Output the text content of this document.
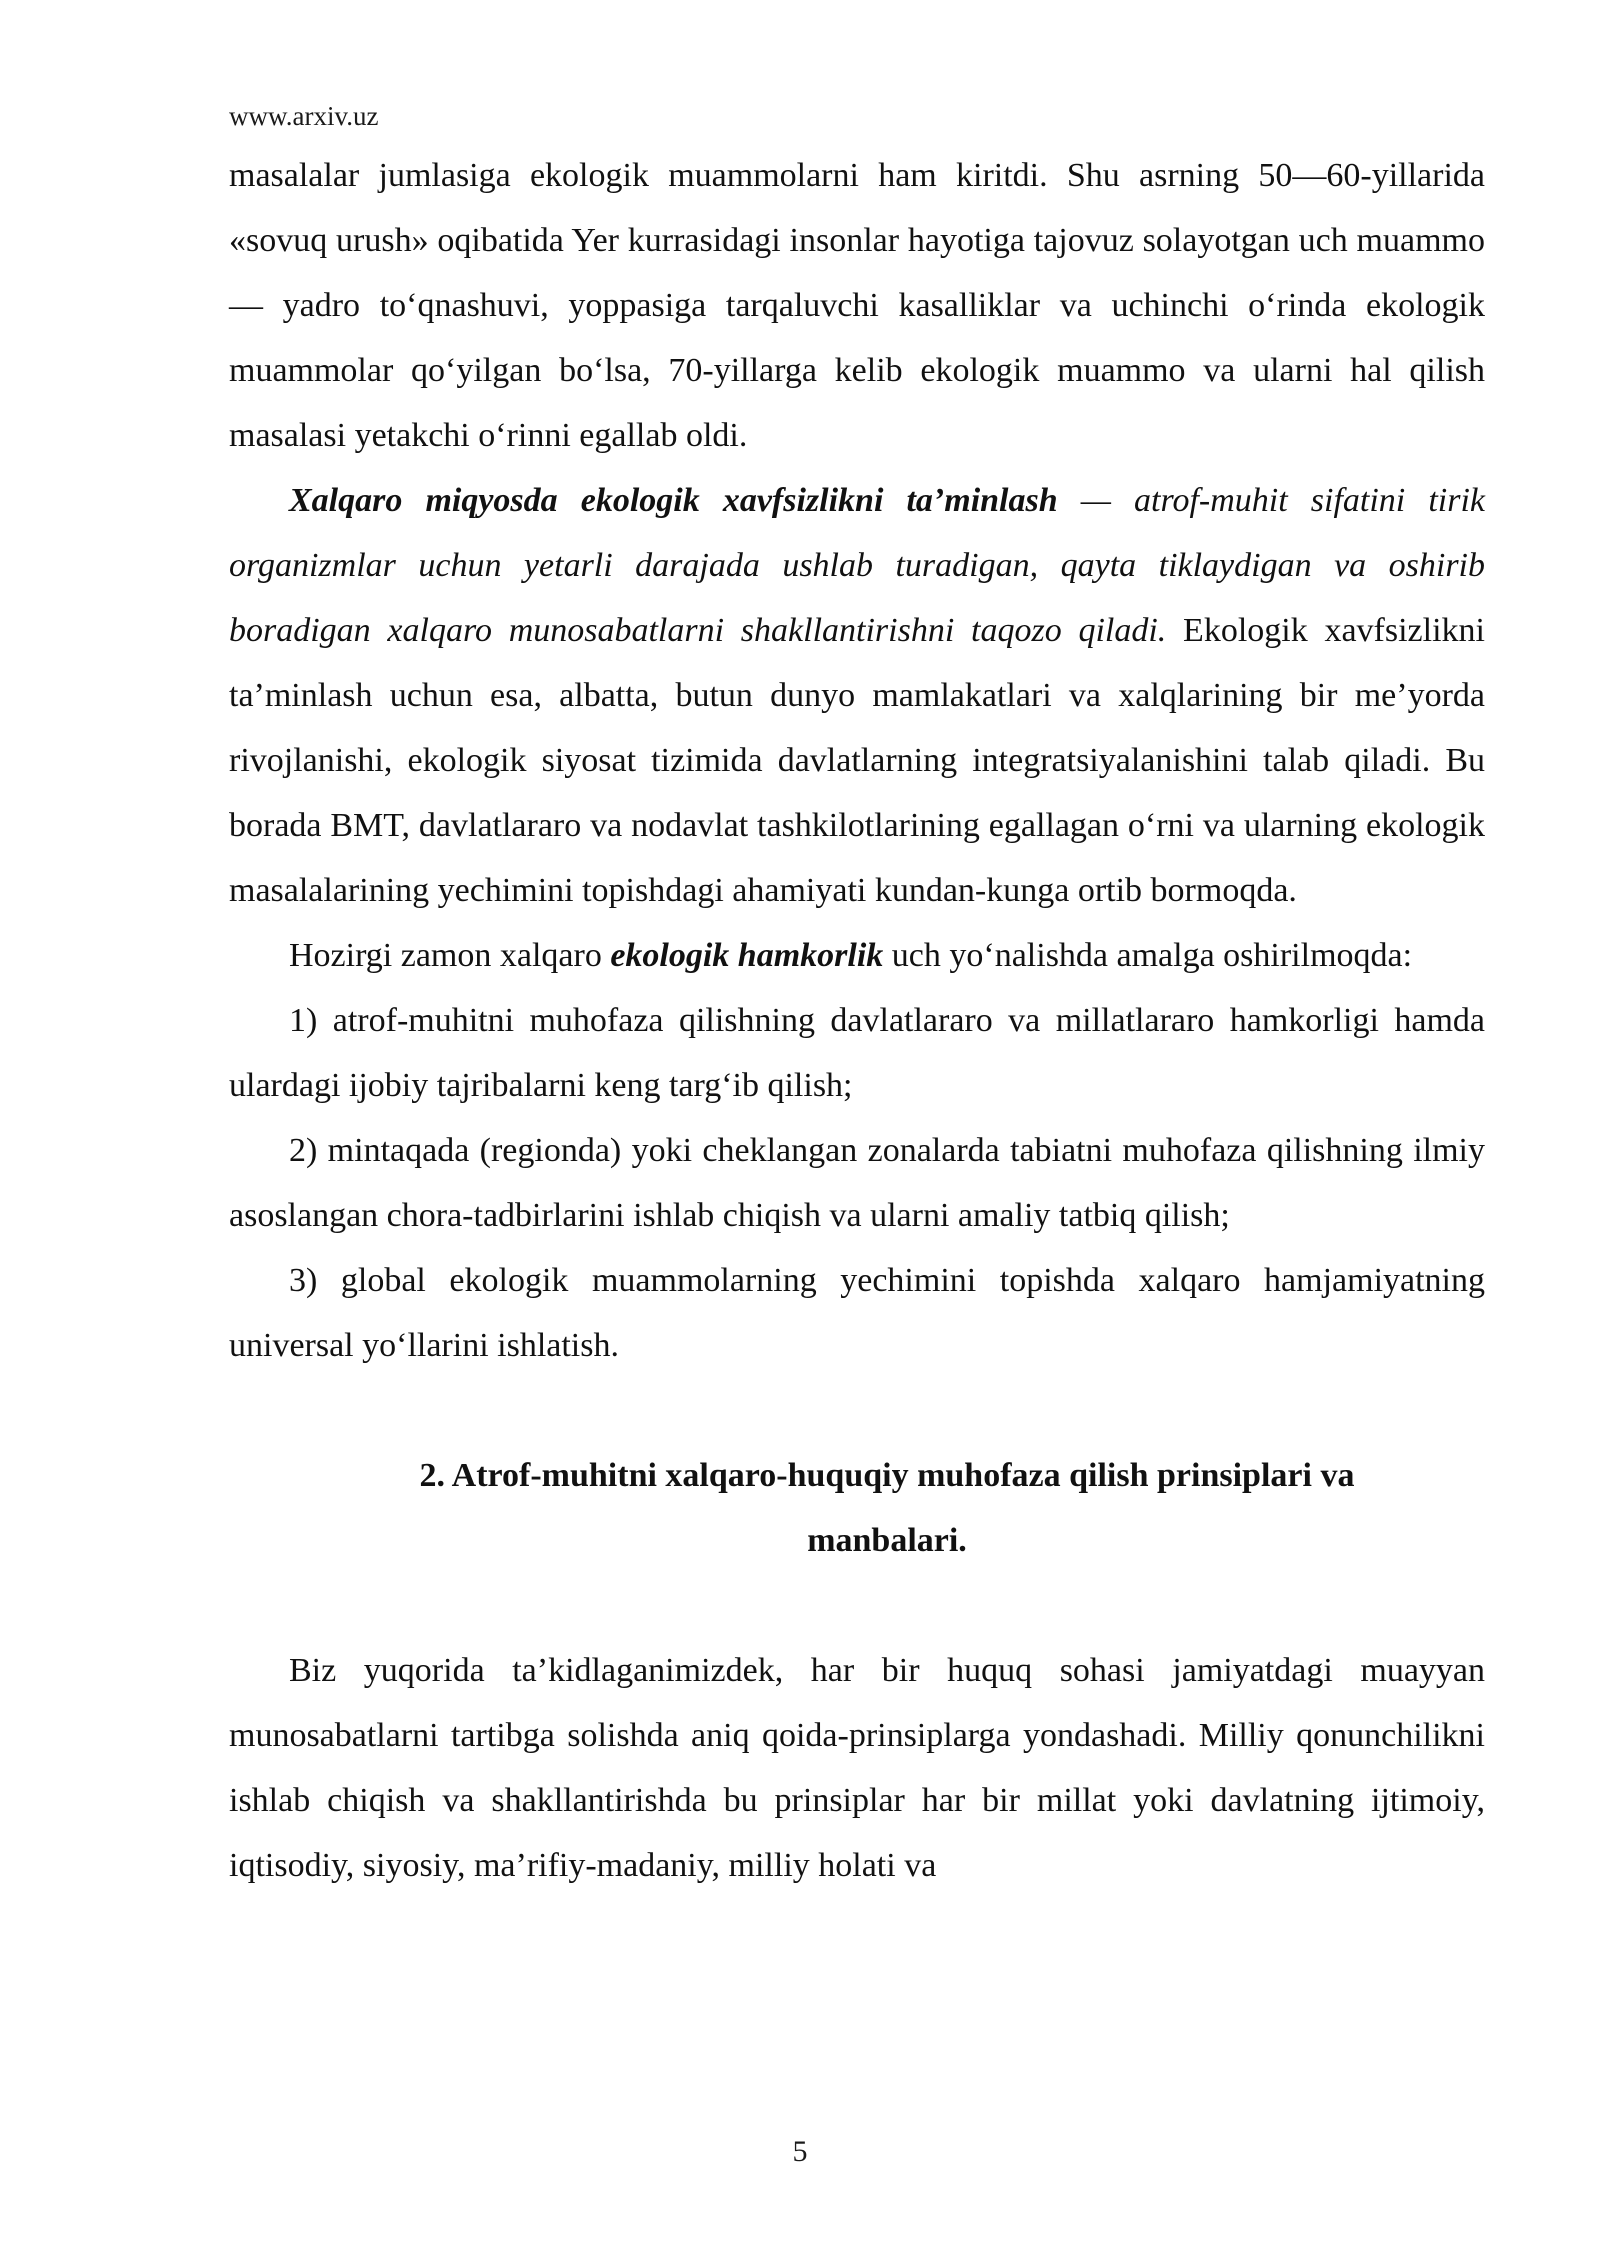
www.arxiv.uz

masalalar jumlasiga ekologik muammolarni ham kiritdi. Shu asrning 50—60-yillarida «sovuq urush» oqibatida Yer kurrasidagi insonlar hayotiga tajovuz solayotgan uch muammo — yadro toʻqnashuvi, yoppasiga tarqaluvchi kasalliklar va uchinchi oʻrinda ekologik muammolar qoʻyilgan boʻlsa, 70-yillarga kelib ekologik muammo va ularni hal qilish masalasi yetakchi oʻrinni egallab oldi.

Xalqaro miqyosda ekologik xavfsizlikni ta’minlash — atrof-muhit sifatini tirik organizmlar uchun yetarli darajada ushlab turadigan, qayta tiklaydigan va oshirib boradigan xalqaro munosabatlarni shakllantirishni taqozo qiladi. Ekologik xavfsizlikni ta’minlash uchun esa, albatta, butun dunyo mamlakatlari va xalqlarining bir me’yorda rivojlanishi, ekologik siyosat tizimida davlatlarning integratsiyalanishini talab qiladi. Bu borada BMT, davlatlararo va nodavlat tashkilotlarining egallagan oʻrni va ularning ekologik masalalarining yechimini topishdagi ahamiyati kundan-kunga ortib bormoqda.

Hozirgi zamon xalqaro ekologik hamkorlik uch yoʻnalishda amalga oshirilmoqda:

1) atrof-muhitni muhofaza qilishning davlatlararo va millatlararo hamkorligi hamda ulardagi ijobiy tajribalarni keng targʻib qilish;

2) mintaqada (regionda) yoki cheklangan zonalarda tabiatni muhofaza qilishning ilmiy asoslangan chora-tadbirlarini ishlab chiqish va ularni amaliy tatbiq qilish;

3) global ekologik muammolarning yechimini topishda xalqaro hamjamiyatning universal yoʻllarini ishlatish.

2. Atrof-muhitni xalqaro-huquqiy muhofaza qilish prinsiplari va
manbalari.

Biz yuqorida ta’kidlaganimizdek, har bir huquq sohasi jamiyatdagi muayyan munosabatlarni tartibga solishda aniq qoida-prinsiplarga yondashadi. Milliy qonunchilikni ishlab chiqish va shakllantirishda bu prinsiplar har bir millat yoki davlatning ijtimoiy, iqtisodiy, siyosiy, ma’rifiy-madaniy, milliy holati va

5
